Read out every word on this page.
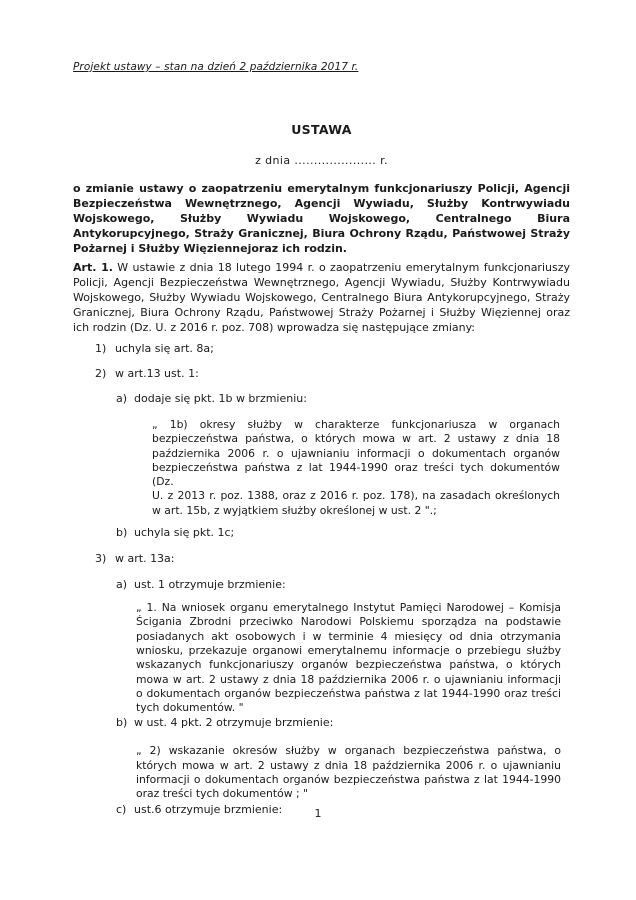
Projekt ustawy – stan na dzień 2 października 2017 r.
USTAWA
z dnia ..................... r.
o zmianie ustawy o zaopatrzeniu emerytalnym funkcjonariuszy Policji, Agencji
Bezpieczeństwa Wewnętrznego, Agencji Wywiadu, Służby Kontrwywiadu
Wojskowego, Służby Wywiadu Wojskowego, Centralnego Biura
Antykorupcyjnego, Straży Granicznej, Biura Ochrony Rządu, Państwowej Straży
Pożarnej i Służby Więziennejoraz ich rodzin.
Art. 1. W ustawie z dnia 18 lutego 1994 r. o zaopatrzeniu emerytalnym funkcjonariuszy
Policji, Agencji Bezpieczeństwa Wewnętrznego, Agencji Wywiadu, Służby Kontrwywiadu
Wojskowego, Służby Wywiadu Wojskowego, Centralnego Biura Antykorupcyjnego, Straży
Granicznej, Biura Ochrony Rządu, Państwowej Straży Pożarnej i Służby Więziennej oraz
ich rodzin (Dz. U. z 2016 r. poz. 708) wprowadza się następujące zmiany:
1) uchyla się art. 8a;
2) w art.13 ust. 1:
a) dodaje się pkt. 1b w brzmieniu:
„ 1b) okresy służby w charakterze funkcjonariusza w organach
bezpieczeństwa państwa, o których mowa w art. 2 ustawy z dnia 18
października 2006 r. o ujawnianiu informacji o dokumentach organów
bezpieczeństwa państwa z lat 1944-1990 oraz treści tych dokumentów (Dz.
U. z 2013 r. poz. 1388, oraz z 2016 r. poz. 178), na zasadach określonych
w art. 15b, z wyjątkiem służby określonej w ust. 2 ".;
b) uchyla się pkt. 1c;
3) w art. 13a:
a) ust. 1 otrzymuje brzmienie:
„ 1. Na wniosek organu emerytalnego Instytut Pamięci Narodowej – Komisja
Ścigania Zbrodni przeciwko Narodowi Polskiemu sporządza na podstawie
posiadanych akt osobowych i w terminie 4 miesięcy od dnia otrzymania
wniosku, przekazuje organowi emerytalnemu informacje o przebiegu służby
wskazanych funkcjonariuszy organów bezpieczeństwa państwa, o których
mowa w art. 2 ustawy z dnia 18 października 2006 r. o ujawnianiu informacji
o dokumentach organów bezpieczeństwa państwa z lat 1944-1990 oraz treści
tych dokumentów. "
b) w ust. 4 pkt. 2 otrzymuje brzmienie:
„ 2) wskazanie okresów służby w organach bezpieczeństwa państwa, o
których mowa w art. 2 ustawy z dnia 18 października 2006 r. o ujawnianiu
informacji o dokumentach organów bezpieczeństwa państwa z lat 1944-1990
oraz treści tych dokumentów ; "
c) ust.6 otrzymuje brzmienie:	1
